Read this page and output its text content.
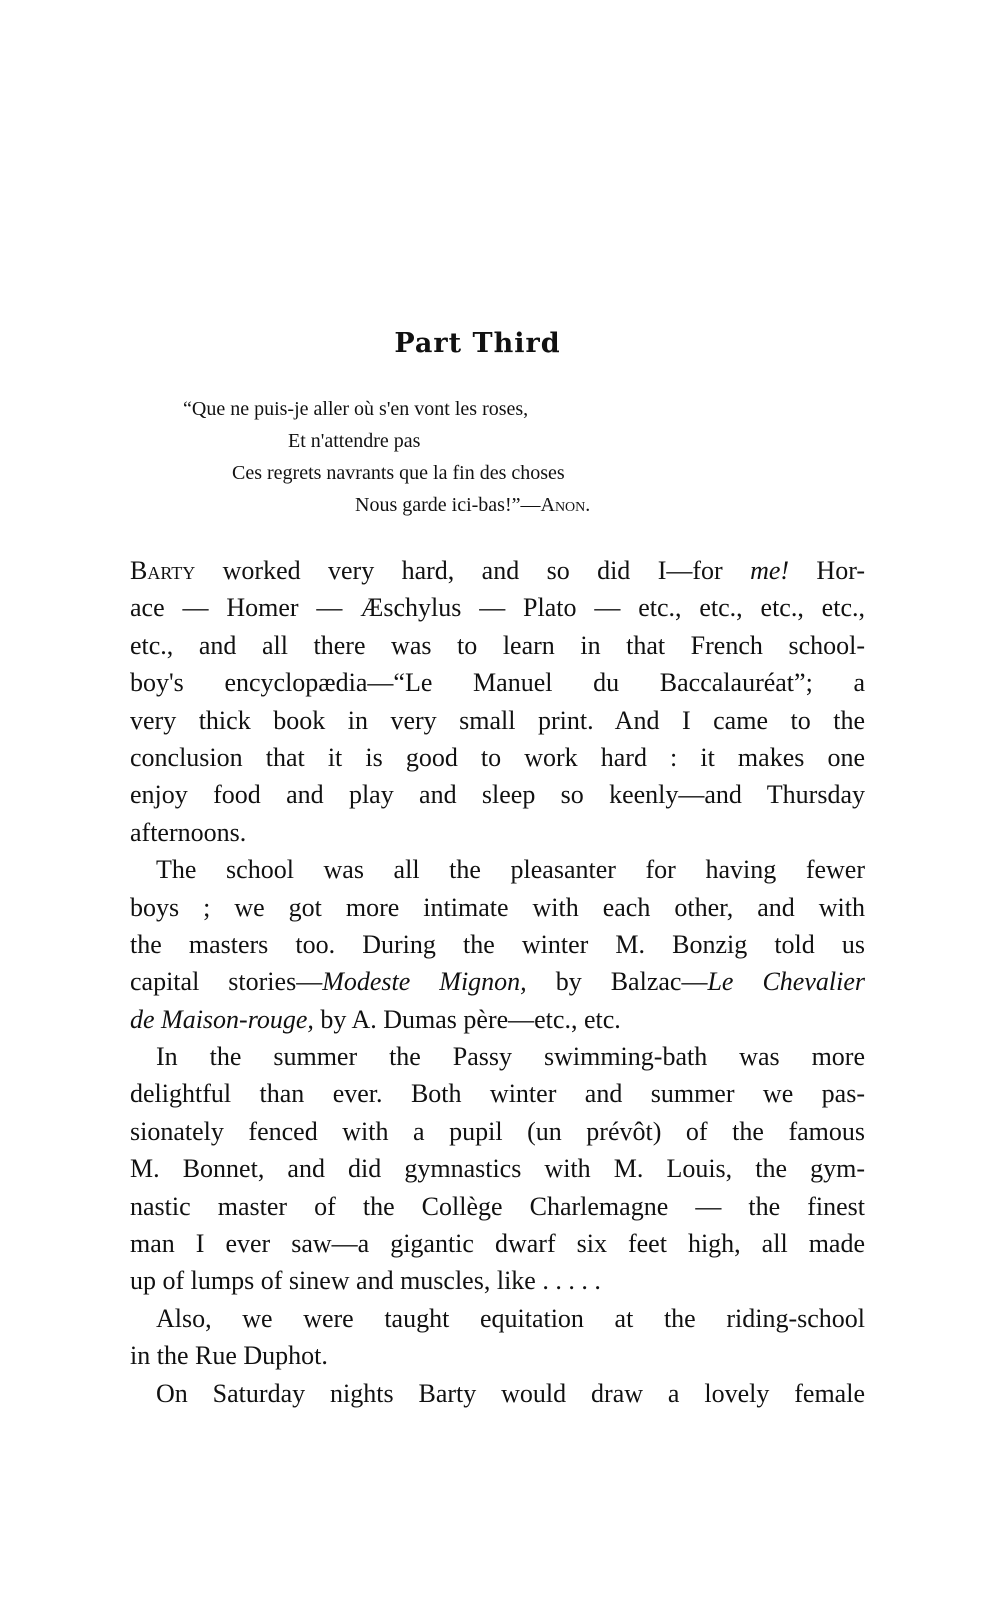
Part Third
“Que ne puis-je aller où s'en vont les roses,
Et n'attendre pas
Ces regrets navrants que la fin des choses
Nous garde ici-bas!”—Anon.
Barty worked very hard, and so did I—for me! Hor-
ace — Homer — Æschylus — Plato — etc., etc., etc., etc.,
etc., and all there was to learn in that French school-
boy's encyclopædia—“Le Manuel du Baccalauréat”; a
very thick book in very small print. And I came to the
conclusion that it is good to work hard : it makes one
enjoy food and play and sleep so keenly—and Thursday
afternoons.
 The school was all the pleasanter for having fewer
boys ; we got more intimate with each other, and with
the masters too. During the winter M. Bonzig told us
capital stories—Modeste Mignon, by Balzac—Le Chevalier
de Maison-rouge, by A. Dumas père—etc., etc.
 In the summer the Passy swimming-bath was more
delightful than ever. Both winter and summer we pas-
sionately fenced with a pupil (un prévôt) of the famous
M. Bonnet, and did gymnastics with M. Louis, the gym-
nastic master of the Collège Charlemagne — the finest
man I ever saw—a gigantic dwarf six feet high, all made
up of lumps of sinew and muscles, like . . . . .
 Also, we were taught equitation at the riding-school
in the Rue Duphot.
 On Saturday nights Barty would draw a lovely female
